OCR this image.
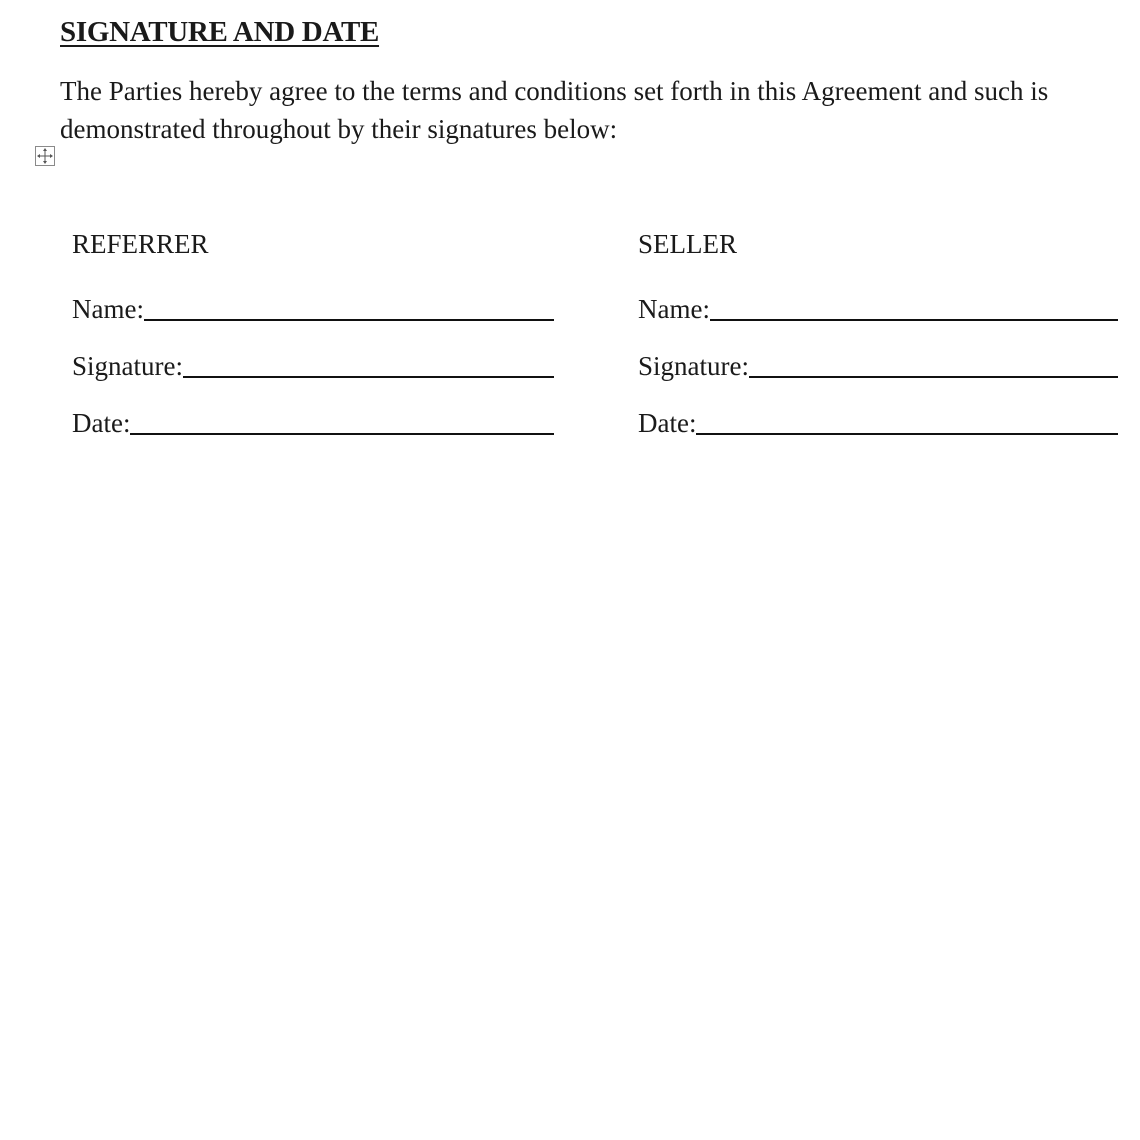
SIGNATURE AND DATE
The Parties hereby agree to the terms and conditions set forth in this Agreement and such is demonstrated throughout by their signatures below:
REFERRER
Name:
Signature:
Date:
SELLER
Name:
Signature:
Date:
